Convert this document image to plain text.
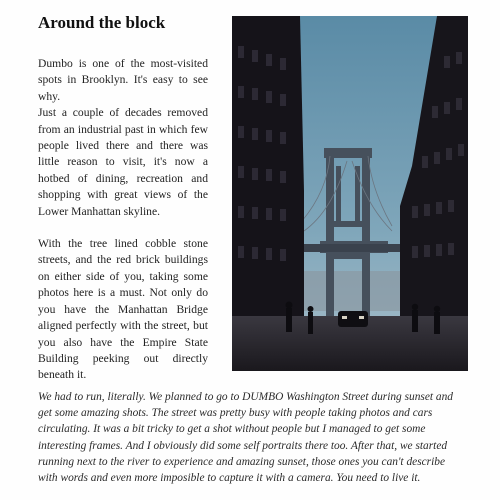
Around the block

Dumbo is one of the most-visited spots in Brooklyn. It's easy to see why.

Just a couple of decades removed from an industrial past in which few people lived there and there was little reason to visit, it's now a hotbed of dining, recreation and shopping with great views of the Lower Manhattan skyline.

With the tree lined cobble stone streets, and the red brick buildings on either side of you, taking some photos here is a must. Not only do you have the Manhattan Bridge aligned perfectly with the street, but you also have the Empire State Building peeking out directly beneath it.

We had to run, literally. We planned to go to DUMBO Washington Street during sunset and get some amazing shots. The street was pretty busy with people taking photos and cars circulating. It was a bit tricky to get a shot without people but I managed to get some interesting frames. And I obviously did some self portraits there too. After that, we started running next to the river to experience and amazing sunset, those ones you can't describe with words and even more imposible to capture it with a camera. You need to live it.
